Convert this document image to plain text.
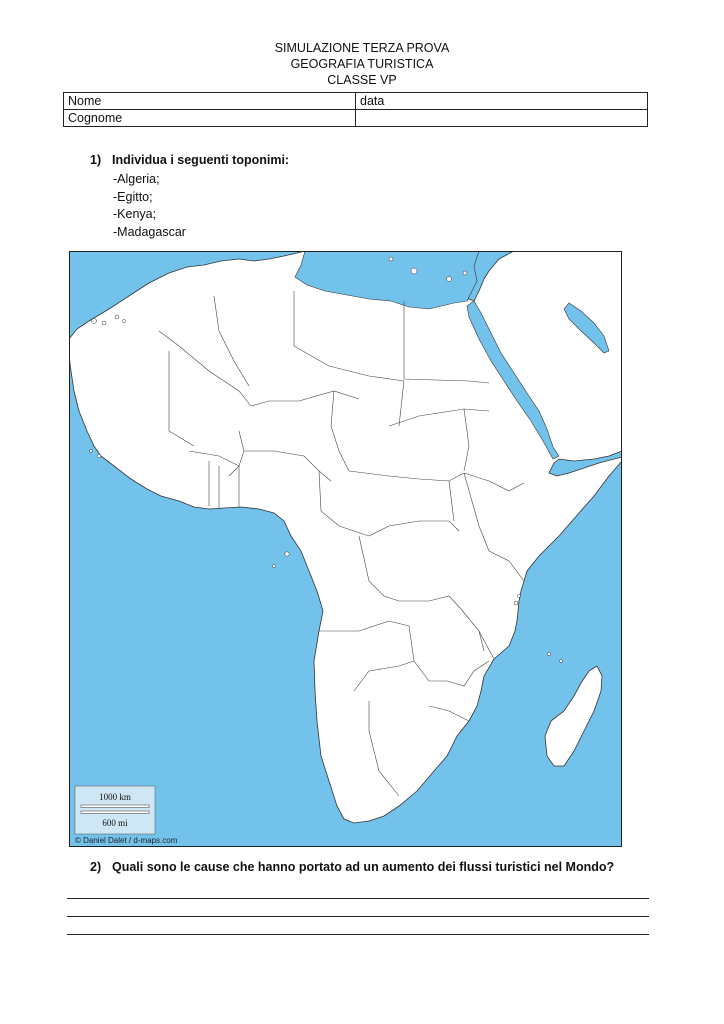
SIMULAZIONE TERZA PROVA
GEOGRAFIA TURISTICA
CLASSE VP
Nome	data
Cognome	
1) Individua i seguenti toponimi:
-Algeria;
-Egitto;
-Kenya;
-Madagascar
1000 km
600 mi
© Daniel Dalet / d-maps.com
2) Quali sono le cause che hanno portato ad un aumento dei flussi turistici nel Mondo?
